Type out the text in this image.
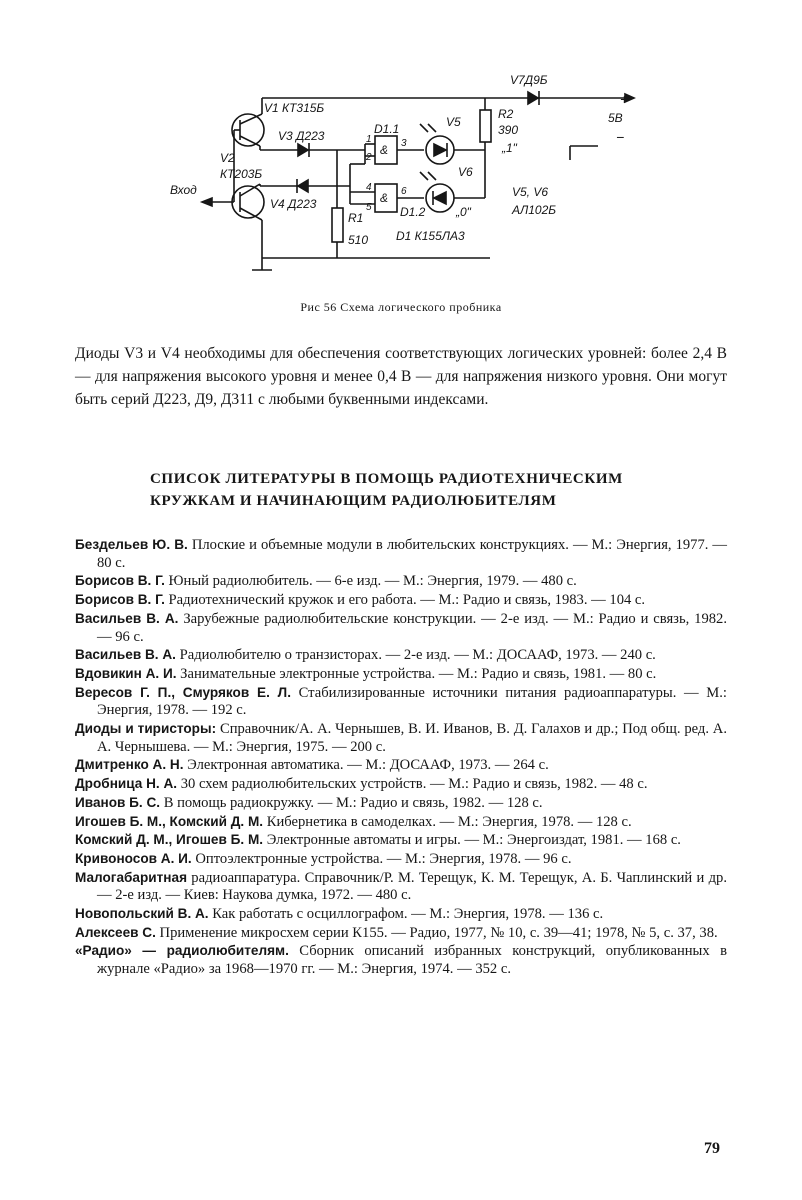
V1 КТ315Б
V2
КТ203Б
V3 Д223
V4 Д223
D1.1
D1.2
D1 К155ЛА3
V5
V6
R1
510
R2
390
V7Д9Б
Вход
+
5В
−
„1"
„0"
V5, V6
АЛ102Б
1
2
3
4
5
6
&
&
Рис 56 Схема логического пробника

Диоды V3 и V4 необходимы для обеспечения соответствующих логических уровней: более 2,4 В — для напряжения высокого уровня и менее 0,4 В — для напряжения низкого уровня. Они могут быть серий Д223, Д9, Д311 с любыми буквенными индексами.

СПИСОК ЛИТЕРАТУРЫ В ПОМОЩЬ РАДИОТЕХНИЧЕСКИМ
КРУЖКАМ И НАЧИНАЮЩИМ РАДИОЛЮБИТЕЛЯМ
Бездельев Ю. В. Плоские и объемные модули в любительских конструкциях. — М.: Энергия, 1977. — 80 с.
Борисов В. Г. Юный радиолюбитель. — 6-е изд. — М.: Энергия, 1979. — 480 с.
Борисов В. Г. Радиотехнический кружок и его работа. — М.: Радио и связь, 1983. — 104 с.
Васильев В. А. Зарубежные радиолюбительские конструкции. — 2-е изд. — М.: Радио и связь, 1982. — 96 с.
Васильев В. А. Радиолюбителю о транзисторах. — 2-е изд. — М.: ДОСААФ, 1973. — 240 с.
Вдовикин А. И. Занимательные электронные устройства. — М.: Радио и связь, 1981. — 80 с.
Вересов Г. П., Смуряков Е. Л. Стабилизированные источники питания радиоаппаратуры. — М.: Энергия, 1978. — 192 с.
Диоды и тиристоры: Справочник/А. А. Чернышев, В. И. Иванов, В. Д. Галахов и др.; Под общ. ред. А. А. Чернышева. — М.: Энергия, 1975. — 200 с.
Дмитренко А. Н. Электронная автоматика. — М.: ДОСААФ, 1973. — 264 с.
Дробница Н. А. 30 схем радиолюбительских устройств. — М.: Радио и связь, 1982. — 48 с.
Иванов Б. С. В помощь радиокружку. — М.: Радио и связь, 1982. — 128 с.
Игошев Б. М., Комский Д. М. Кибернетика в самоделках. — М.: Энергия, 1978. — 128 с.
Комский Д. М., Игошев Б. М. Электронные автоматы и игры. — М.: Энергоиздат, 1981. — 168 с.
Кривоносов А. И. Оптоэлектронные устройства. — М.: Энергия, 1978. — 96 с.
Малогабаритная радиоаппаратура. Справочник/Р. М. Терещук, К. М. Терещук, А. Б. Чаплинский и др. — 2-е изд. — Киев: Наукова думка, 1972. — 480 с.
Новопольский В. А. Как работать с осциллографом. — М.: Энергия, 1978. — 136 с.
Алексеев С. Применение микросхем серии К155. — Радио, 1977, № 10, с. 39—41; 1978, № 5, с. 37, 38.
«Радио» — радиолюбителям. Сборник описаний избранных конструкций, опубликованных в журнале «Радио» за 1968—1970 гг. — М.: Энергия, 1974. — 352 с.
79
